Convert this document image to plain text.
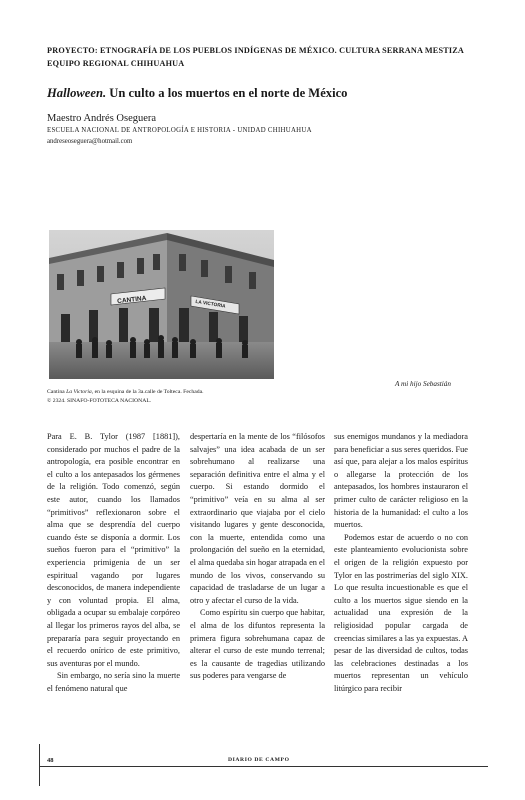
PROYECTO: ETNOGRAFÍA DE LOS PUEBLOS INDÍGENAS DE MÉXICO. CULTURA SERRANA MESTIZA
EQUIPO REGIONAL CHIHUAHUA
Halloween. Un culto a los muertos en el norte de México
Maestro Andrés Oseguera
ESCUELA NACIONAL DE ANTROPOLOGÍA E HISTORIA - UNIDAD CHIHUAHUA
andreseoseguera@hotmail.com
CANTINA	LA VICTORIA
Cantina La Victoria, en la esquina de la 3a.calle de Tolteca. Fechada.
© 2324. SINAFO-FOTOTECA NACIONAL.
A mi hijo Sebastián

Para E. B. Tylor (1987 [1881]), considerado por muchos el padre de la antropología, era posible encontrar en el culto a los antepasados los gérmenes de la religión. Todo comenzó, según este autor, cuando los llamados “primitivos” reflexionaron sobre el alma que se desprendía del cuerpo cuando éste se disponía a dormir. Los sueños fueron para el “primitivo” la experiencia primigenia de un ser espiritual vagando por lugares desconocidos, de manera independiente y con voluntad propia. El alma, obligada a ocupar su embalaje corpóreo al llegar los primeros rayos del alba, se prepararía para seguir proyectando en el recuerdo onírico de este primitivo, sus aventuras por el mundo.

Sin embargo, no sería sino la muerte el fenómeno natural que

despertaría en la mente de los “filósofos salvajes” una idea acabada de un ser sobrehumano al realizarse una separación definitiva entre el alma y el cuerpo. Si estando dormido el “primitivo” veía en su alma al ser extraordinario que viajaba por el cielo visitando lugares y gente desconocida, con la muerte, entendida como una prolongación del sueño en la eternidad, el alma quedaba sin hogar atrapada en el mundo de los vivos, conservando su capacidad de trasladarse de un lugar a otro y afectar el curso de la vida.

Como espíritu sin cuerpo que habitar, el alma de los difuntos representa la primera figura sobrehumana capaz de alterar el curso de este mundo terrenal; es la causante de tragedias utilizando sus poderes para vengarse de

sus enemigos mundanos y la mediadora para beneficiar a sus seres queridos. Fue así que, para alejar a los malos espíritus o allegarse la protección de los antepasados, los hombres instauraron el primer culto de carácter religioso en la historia de la humanidad: el culto a los muertos.

Podemos estar de acuerdo o no con este planteamiento evolucionista sobre el origen de la religión expuesto por Tylor en las postrimerías del siglo XIX. Lo que resulta incuestionable es que el culto a los muertos sigue siendo en la actualidad una expresión de la religiosidad popular cargada de creencias similares a las ya expuestas. A pesar de las diversidad de cultos, todas las celebraciones destinadas a los muertos representan un vehículo litúrgico para recibir

48	DIARIO DE CAMPO
